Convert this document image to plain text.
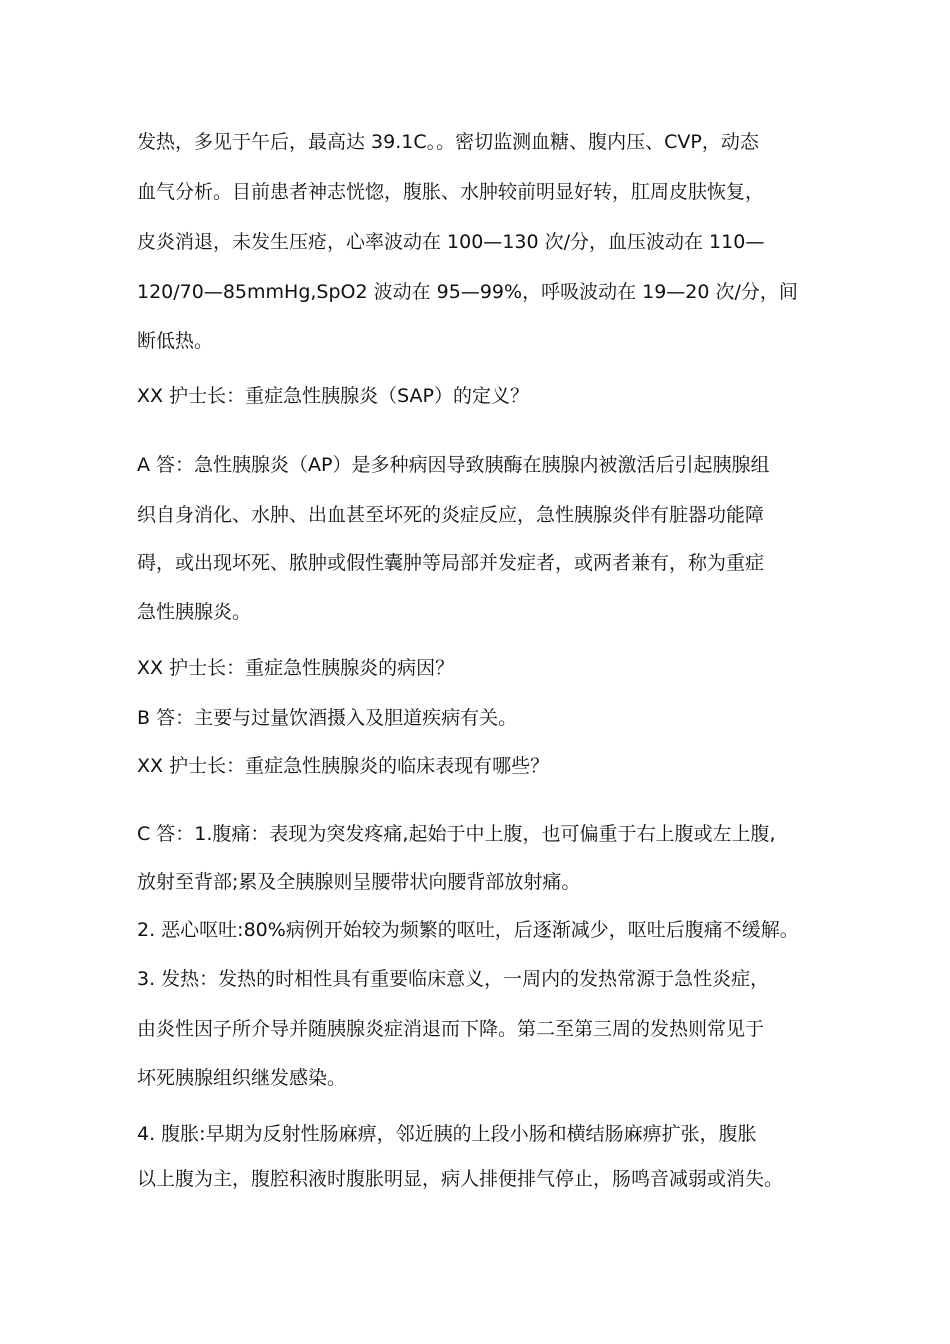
发热，多见于午后，最高达 39.1C。。密切监测血糖、腹内压、CVP，动态
血气分析。目前患者神志恍惚，腹胀、水肿较前明显好转，肛周皮肤恢复，
皮炎消退，未发生压疮，心率波动在 100—130 次/分，血压波动在 110—
120/70—85mmHg,SpO2 波动在 95—99%，呼吸波动在 19—20 次/分，间
断低热。
XX 护士长：重症急性胰腺炎（SAP）的定义？
A 答：急性胰腺炎（AP）是多种病因导致胰酶在胰腺内被激活后引起胰腺组
织自身消化、水肿、出血甚至坏死的炎症反应，急性胰腺炎伴有脏器功能障
碍，或出现坏死、脓肿或假性囊肿等局部并发症者，或两者兼有，称为重症
急性胰腺炎。
XX 护士长：重症急性胰腺炎的病因？
B 答：主要与过量饮酒摄入及胆道疾病有关。
XX 护士长：重症急性胰腺炎的临床表现有哪些？
C 答：1.腹痛：表现为突发疼痛,起始于中上腹，也可偏重于右上腹或左上腹,
放射至背部;累及全胰腺则呈腰带状向腰背部放射痛。
2. 恶心呕吐:80%病例开始较为频繁的呕吐，后逐渐减少，呕吐后腹痛不缓解。
3. 发热：发热的时相性具有重要临床意义，一周内的发热常源于急性炎症，
由炎性因子所介导并随胰腺炎症消退而下降。第二至第三周的发热则常见于
坏死胰腺组织继发感染。
4. 腹胀:早期为反射性肠麻痹，邻近胰的上段小肠和横结肠麻痹扩张，腹胀
以上腹为主，腹腔积液时腹胀明显，病人排便排气停止，肠鸣音减弱或消失。
